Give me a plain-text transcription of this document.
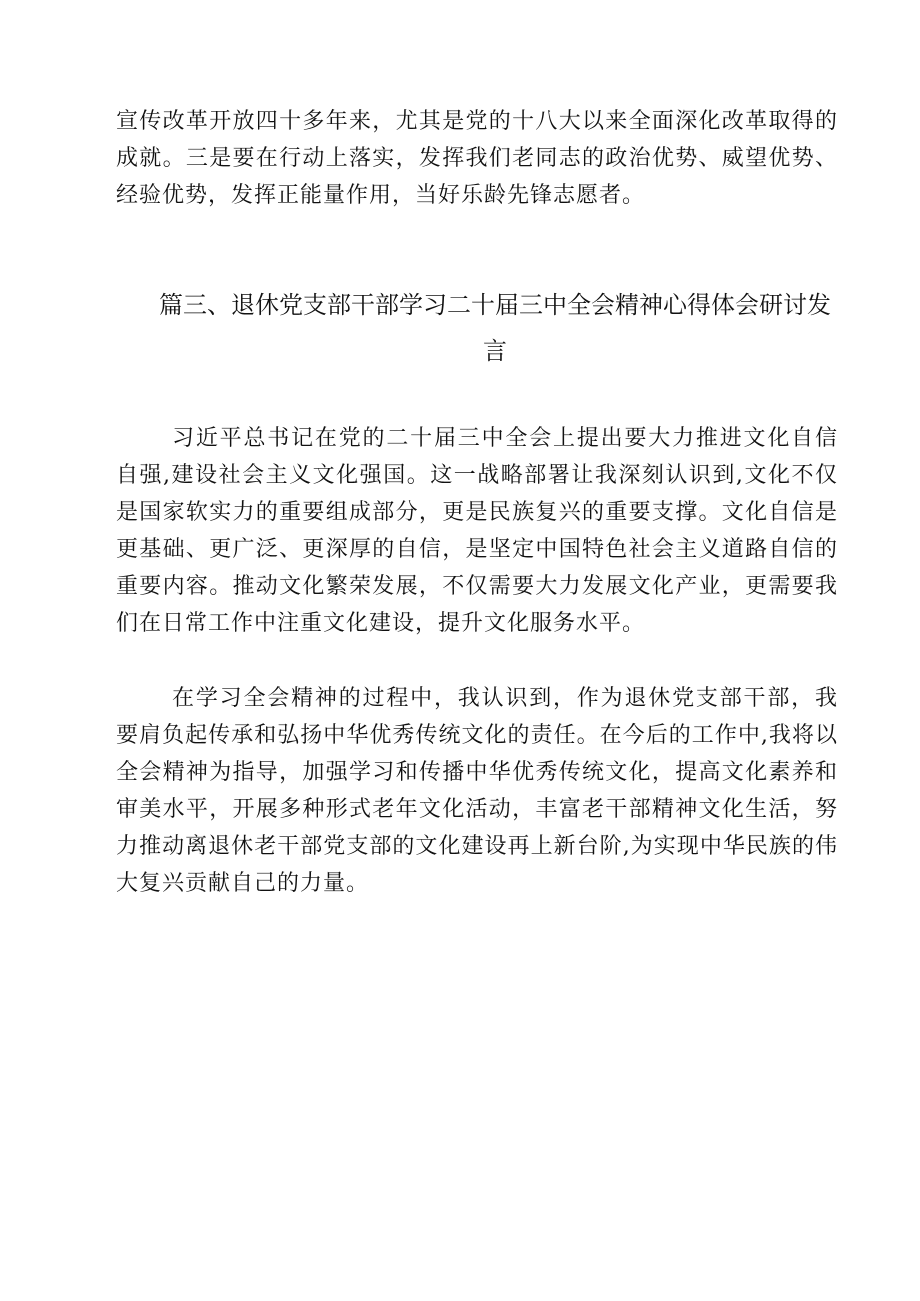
宣传改革开放四十多年来，尤其是党的十八大以来全面深化改革取得的成就。三是要在行动上落实，发挥我们老同志的政治优势、威望优势、经验优势，发挥正能量作用，当好乐龄先锋志愿者。

篇三、退休党支部干部学习二十届三中全会精神心得体会研讨发言

习近平总书记在党的二十届三中全会上提出要大力推进文化自信自强,建设社会主义文化强国。这一战略部署让我深刻认识到,文化不仅是国家软实力的重要组成部分，更是民族复兴的重要支撑。文化自信是更基础、更广泛、更深厚的自信，是坚定中国特色社会主义道路自信的重要内容。推动文化繁荣发展，不仅需要大力发展文化产业，更需要我们在日常工作中注重文化建设，提升文化服务水平。

在学习全会精神的过程中，我认识到，作为退休党支部干部，我要肩负起传承和弘扬中华优秀传统文化的责任。在今后的工作中,我将以全会精神为指导，加强学习和传播中华优秀传统文化，提高文化素养和审美水平，开展多种形式老年文化活动，丰富老干部精神文化生活，努力推动离退休老干部党支部的文化建设再上新台阶,为实现中华民族的伟大复兴贡献自己的力量。
